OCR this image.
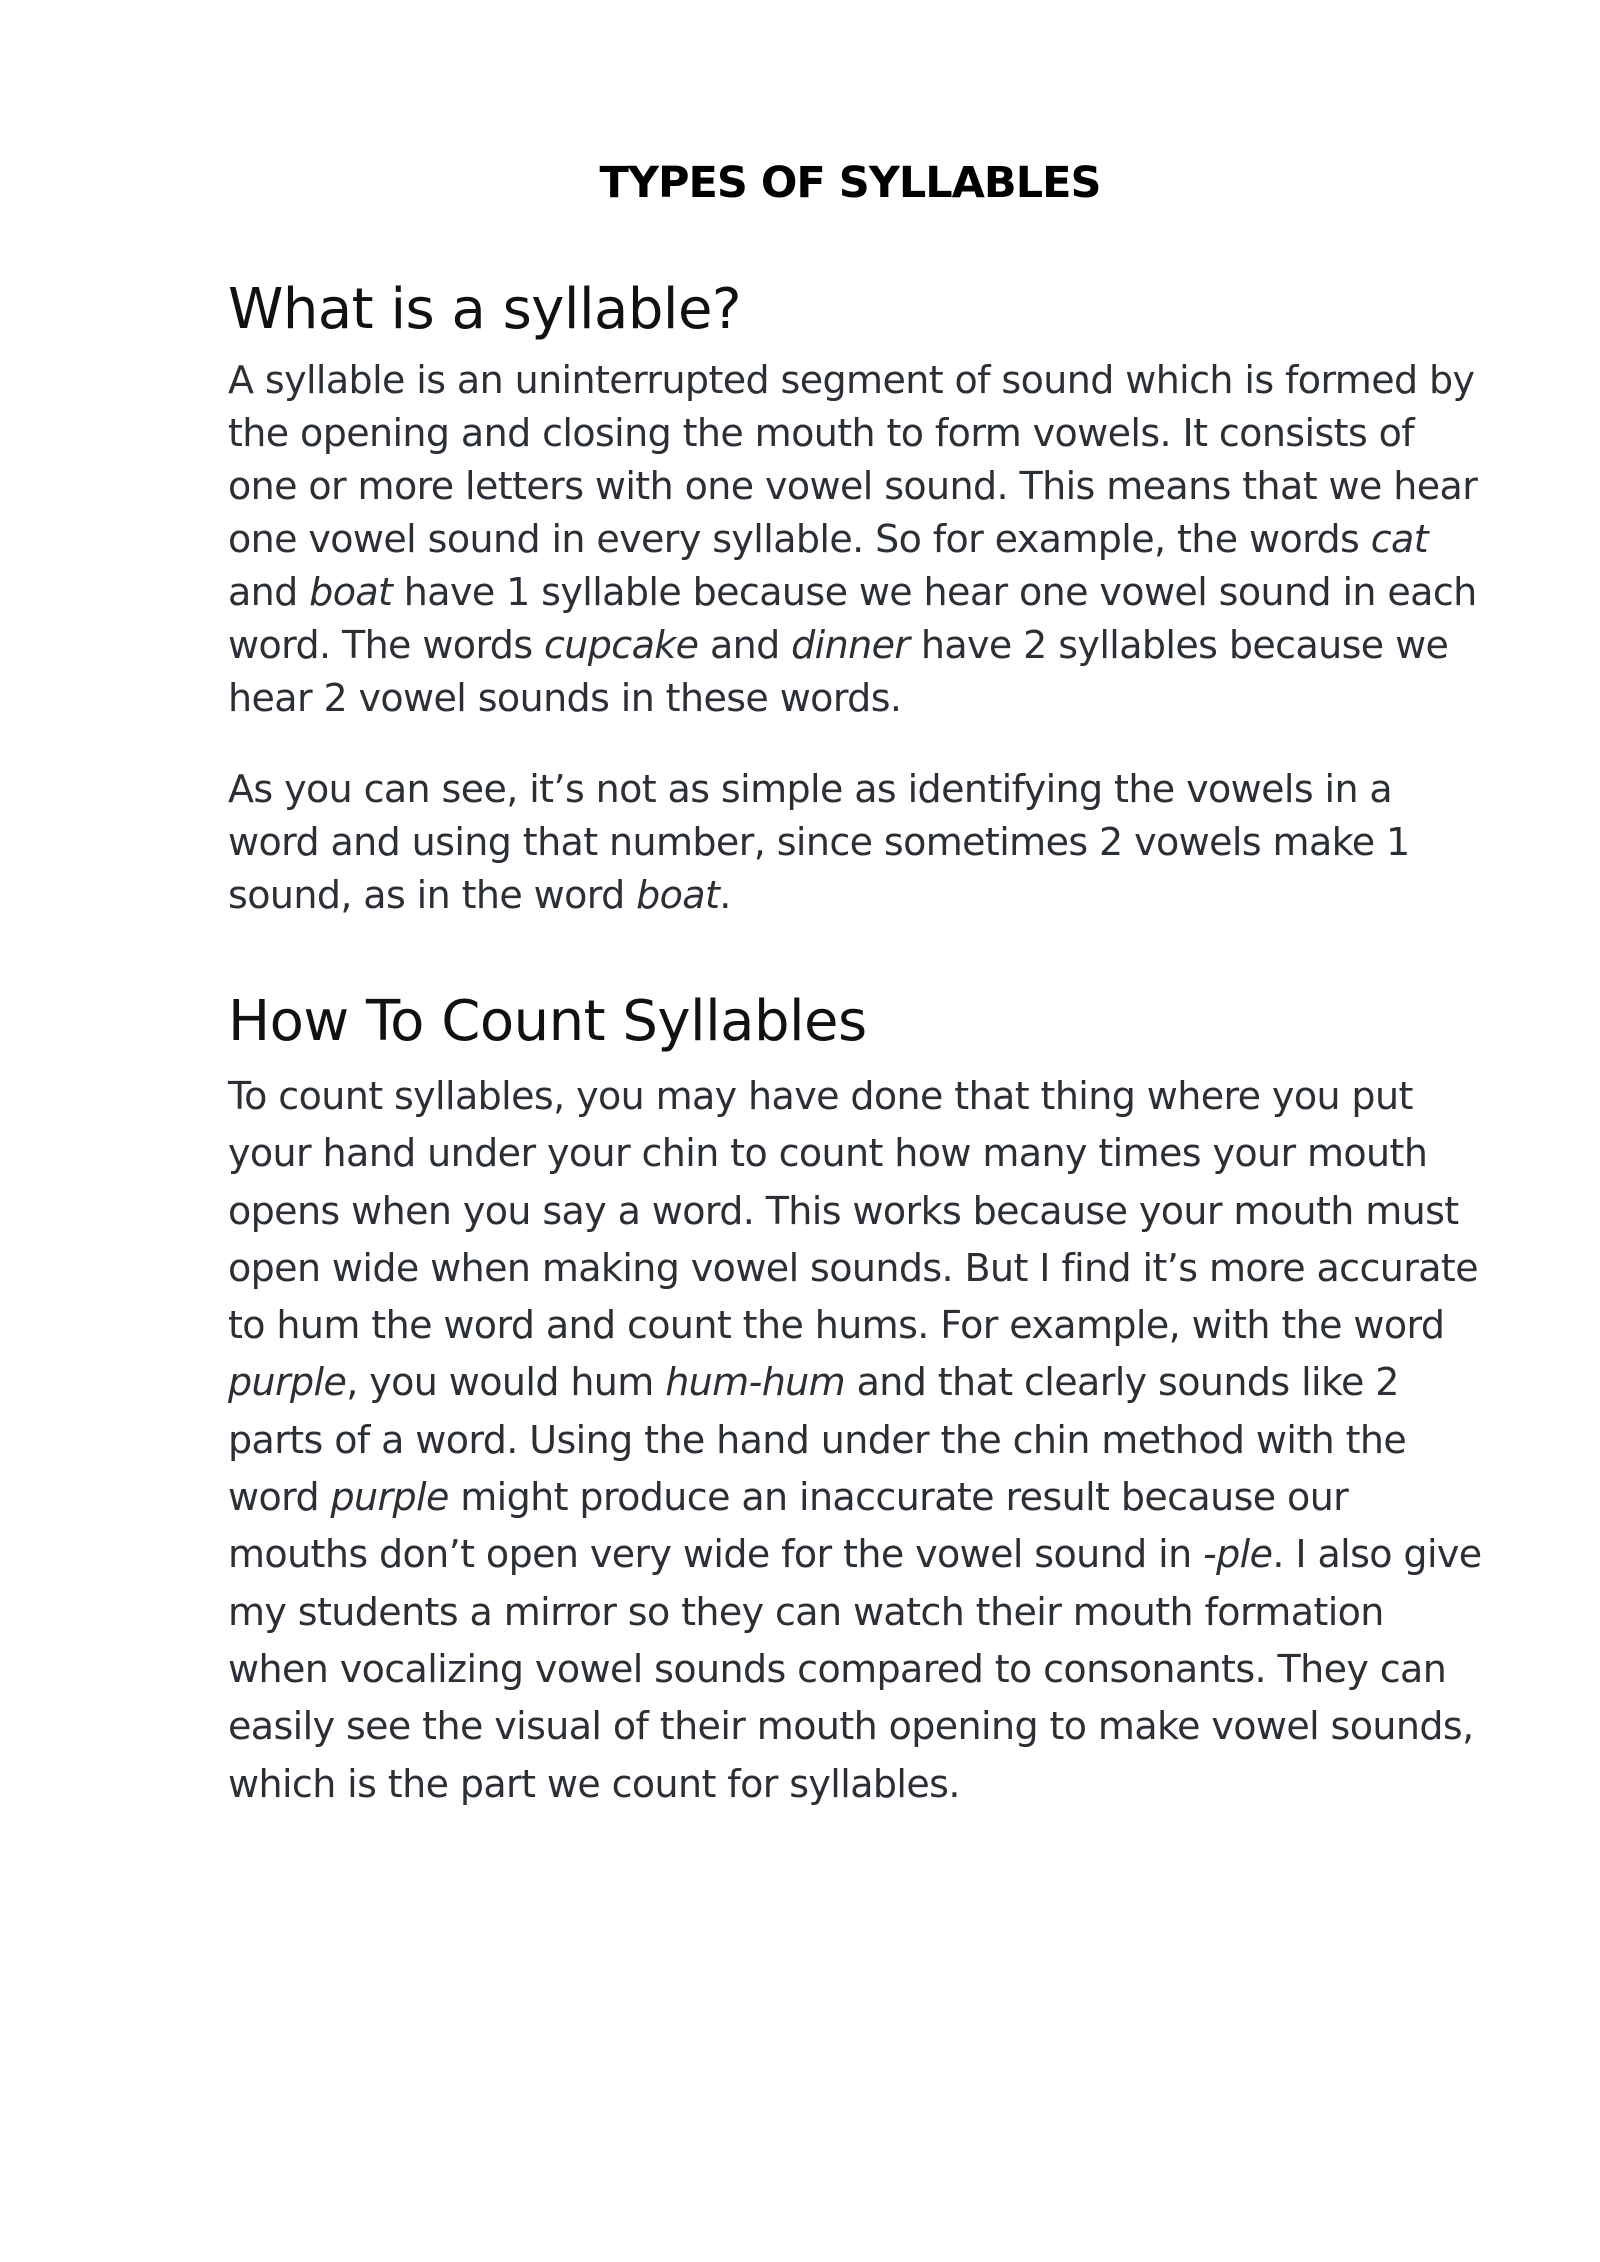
TYPES OF SYLLABLES
What is a syllable?

A syllable is an uninterrupted segment of sound which is formed by the opening and closing the mouth to form vowels. It consists of one or more letters with one vowel sound. This means that we hear one vowel sound in every syllable. So for example, the words cat and boat have 1 syllable because we hear one vowel sound in each word. The words cupcake and dinner have 2 syllables because we hear 2 vowel sounds in these words.

As you can see, it’s not as simple as identifying the vowels in a word and using that number, since sometimes 2 vowels make 1 sound, as in the word boat.

How To Count Syllables

To count syllables, you may have done that thing where you put your hand under your chin to count how many times your mouth opens when you say a word. This works because your mouth must open wide when making vowel sounds. But I find it’s more accurate to hum the word and count the hums. For example, with the word purple, you would hum hum-hum and that clearly sounds like 2 parts of a word. Using the hand under the chin method with the word purple might produce an inaccurate result because our mouths don’t open very wide for the vowel sound in -ple. I also give my students a mirror so they can watch their mouth formation when vocalizing vowel sounds compared to consonants. They can easily see the visual of their mouth opening to make vowel sounds, which is the part we count for syllables.
